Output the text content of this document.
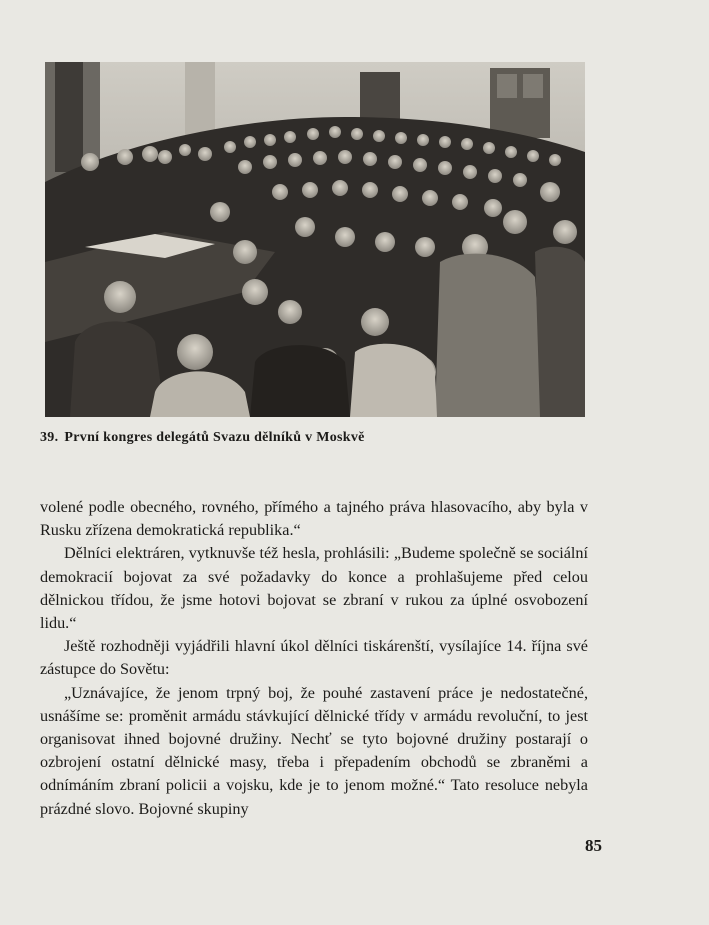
39. První kongres delegátů Svazu dělníků v Moskvě

volené podle obecného, rovného, přímého a tajného práva hlasovacího, aby byla v Rusku zřízena demokratická republika.“

Dělníci elektráren, vytknuvše též hesla, prohlásili: „Budeme společně se sociální demokracií bojovat za své požadavky do konce a prohlašujeme před celou dělnickou třídou, že jsme hotovi bojovat se zbraní v rukou za úplné osvobození lidu.“

Ještě rozhodněji vyjádřili hlavní úkol dělníci tiskárenští, vysílajíce 14. října své zástupce do Sovětu:

„Uznávajíce, že jenom trpný boj, že pouhé zastavení práce je nedostatečné, usnášíme se: proměnit armádu stávkující dělnické třídy v armádu revoluční, to jest organisovat ihned bojovné družiny. Nechť se tyto bojovné družiny postarají o ozbrojení ostatní dělnické masy, třeba i přepadením obchodů se zbraněmi a odnímáním zbraní policii a vojsku, kde je to jenom možné.“ Tato resoluce nebyla prázdné slovo. Bojovné skupiny

85
